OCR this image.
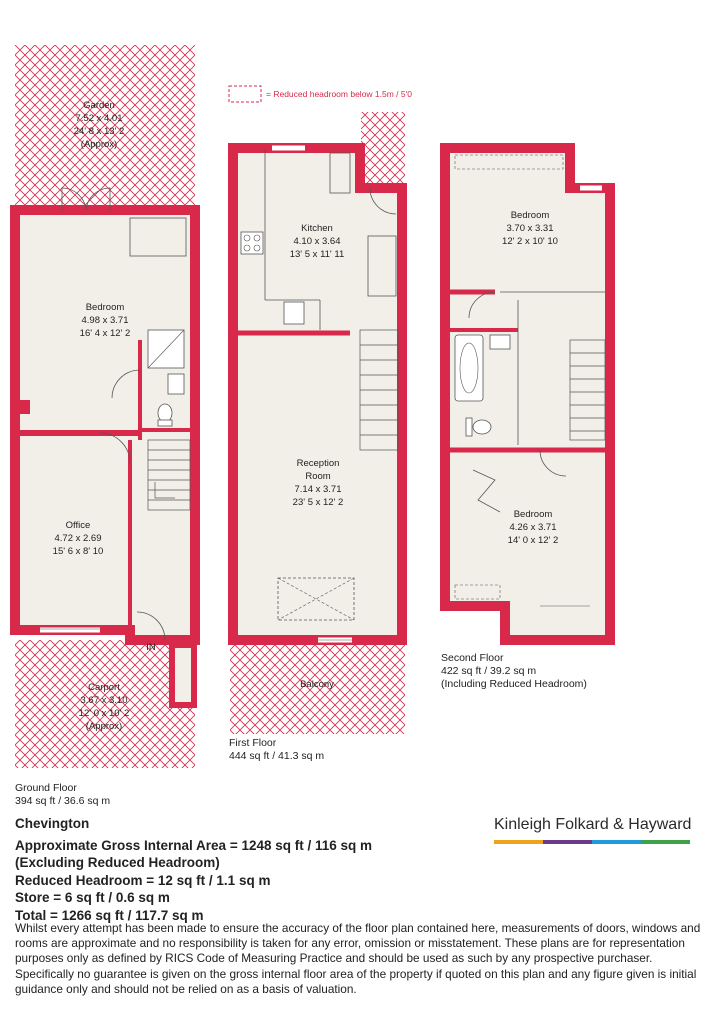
= Reduced headroom below 1.5m / 5'0
IN
Garden
7.52 x 4.01
24' 8 x 13' 2
(Approx)
Bedroom
4.98 x 3.71
16' 4 x 12' 2
Office
4.72 x 2.69
15' 6 x 8' 10
Carport
3.67 x 3.10
12' 0 x 10' 2
(Approx)
Kitchen
4.10 x 3.64
13' 5 x 11' 11
Reception
Room
7.14 x 3.71
23' 5 x 12' 2
Balcony
Bedroom
3.70 x 3.31
12' 2 x 10' 10
Bedroom
4.26 x 3.71
14' 0 x 12' 2
Ground Floor
394 sq ft / 36.6 sq m
First Floor
444 sq ft / 41.3 sq m
Second Floor
422 sq ft / 39.2 sq m
(Including Reduced Headroom)
Chevington
Approximate Gross Internal Area = 1248 sq ft / 116 sq m
(Excluding Reduced Headroom)
Reduced Headroom = 12 sq ft / 1.1 sq m
Store = 6 sq ft / 0.6 sq m
Total = 1266 sq ft / 117.7 sq m
Kinleigh Folkard & Hayward
Whilst every attempt has been made to ensure the accuracy of the floor plan contained here, measurements of doors, windows and rooms are approximate and no responsibility is taken for any error, omission or misstatement. These plans are for representation purposes only as defined by RICS Code of Measuring Practice and should be used as such by any prospective purchaser. Specifically no guarantee is given on the gross internal floor area of the property if quoted on this plan and any figure given is initial guidance only and should not be relied on as a basis of valuation.
